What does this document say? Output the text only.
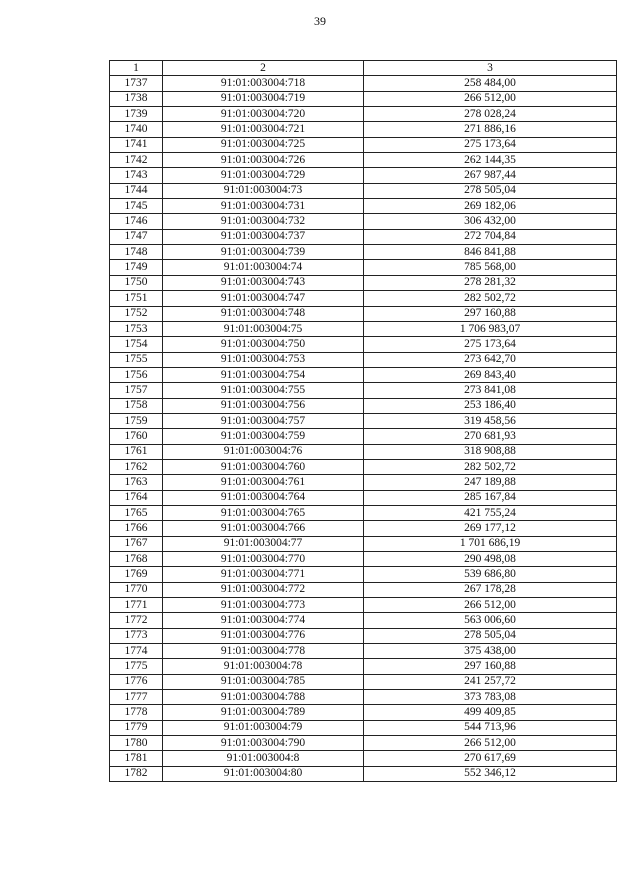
39
1	2	3
1737	91:01:003004:718	258 484,00
1738	91:01:003004:719	266 512,00
1739	91:01:003004:720	278 028,24
1740	91:01:003004:721	271 886,16
1741	91:01:003004:725	275 173,64
1742	91:01:003004:726	262 144,35
1743	91:01:003004:729	267 987,44
1744	91:01:003004:73	278 505,04
1745	91:01:003004:731	269 182,06
1746	91:01:003004:732	306 432,00
1747	91:01:003004:737	272 704,84
1748	91:01:003004:739	846 841,88
1749	91:01:003004:74	785 568,00
1750	91:01:003004:743	278 281,32
1751	91:01:003004:747	282 502,72
1752	91:01:003004:748	297 160,88
1753	91:01:003004:75	1 706 983,07
1754	91:01:003004:750	275 173,64
1755	91:01:003004:753	273 642,70
1756	91:01:003004:754	269 843,40
1757	91:01:003004:755	273 841,08
1758	91:01:003004:756	253 186,40
1759	91:01:003004:757	319 458,56
1760	91:01:003004:759	270 681,93
1761	91:01:003004:76	318 908,88
1762	91:01:003004:760	282 502,72
1763	91:01:003004:761	247 189,88
1764	91:01:003004:764	285 167,84
1765	91:01:003004:765	421 755,24
1766	91:01:003004:766	269 177,12
1767	91:01:003004:77	1 701 686,19
1768	91:01:003004:770	290 498,08
1769	91:01:003004:771	539 686,80
1770	91:01:003004:772	267 178,28
1771	91:01:003004:773	266 512,00
1772	91:01:003004:774	563 006,60
1773	91:01:003004:776	278 505,04
1774	91:01:003004:778	375 438,00
1775	91:01:003004:78	297 160,88
1776	91:01:003004:785	241 257,72
1777	91:01:003004:788	373 783,08
1778	91:01:003004:789	499 409,85
1779	91:01:003004:79	544 713,96
1780	91:01:003004:790	266 512,00
1781	91:01:003004:8	270 617,69
1782	91:01:003004:80	552 346,12
